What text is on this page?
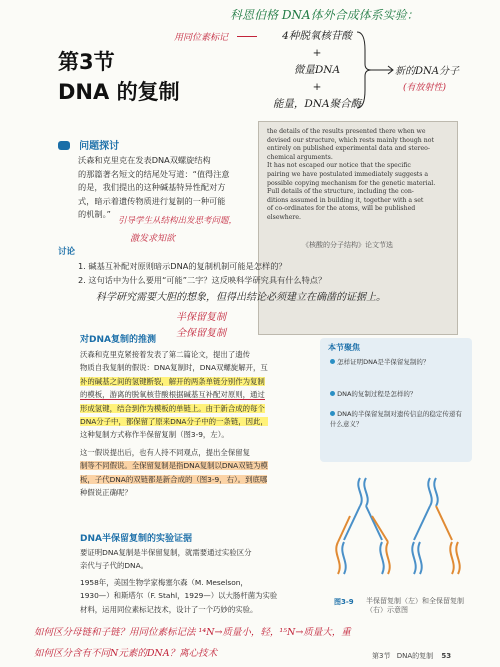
科恩伯格 DNA体外合成体系实验：
第3节
DNA 的复制
用同位素标记	4种脱氧核苷酸
+
微量DNA
+
能量，DNA聚合酶
新的DNA分子
(有放射性)
问题探讨
沃森和克里克在发表DNA双螺旋结构
的那篇著名短文的结尾处写道：“值得注意
的是，我们提出的这种碱基特异性配对方
式，暗示着遗传物质进行复制的一种可能
的机制。”
引导学生从结构出发思考问题，
激发求知欲
the details of the results presented there when we
devised our structure, which rests mainly though not
entirely on published experimental data and stereo-
chemical arguments.
It has not escaped our notice that the specific
pairing we have postulated immediately suggests a
possible copying mechanism for the genetic material.
Full details of the structure, including the con-
ditions assumed in building it, together with a set
of co-ordinates for the atoms, will be published
elsewhere.
《核酸的分子结构》论文节选
讨论
1. 碱基互补配对原则暗示DNA的复制机制可能是怎样的？
2. 这句话中为什么要用“可能”二字？这反映科学研究具有什么特点？
科学研究需要大胆的想象，但得出结论必须建立在确凿的证据上。
半保留复制
全保留复制
对DNA复制的推测
沃森和克里克紧接着发表了第二篇论文，提出了遗传
物质自我复制的假说：DNA复制时，DNA双螺旋解开，互
补的碱基之间的氢键断裂，解开的两条单链分别作为复制
的模板，游离的脱氧核苷酸根据碱基互补配对原则，通过
形成氢键，结合到作为模板的单链上。由于新合成的每个
DNA分子中，都保留了原来DNA分子中的一条链，因此，
这种复制方式称作半保留复制（图3-9，左）。
这一假说提出后，也有人持不同观点，提出全保留复
制等不同假说。全保留复制是指DNA复制以DNA双链为模
板，子代DNA的双链都是新合成的（图3-9，右）。到底哪
种假说正确呢？
本节聚焦
怎样证明DNA是半保留复制的？
DNA的复制过程是怎样的？
DNA的半保留复制对遗传信息的稳定传递有什么意义？
图3-9 半保留复制（左）和全保留复制（右）示意图
DNA半保留复制的实验证据
要证明DNA复制是半保留复制，就需要通过实验区分
亲代与子代的DNA。
1958年，美国生物学家梅塞尔森（M. Meselson，
1930—）和斯塔尔（F. Stahl，1929—）以大肠杆菌为实验
材料，运用同位素标记技术，设计了一个巧妙的实验。
如何区分母链和子链？用同位素标记法 ¹⁴N→质量小，轻，¹⁵N→质量大，重
如何区分含有不同N元素的DNA？离心技术	第3节 DNA的复制 53
